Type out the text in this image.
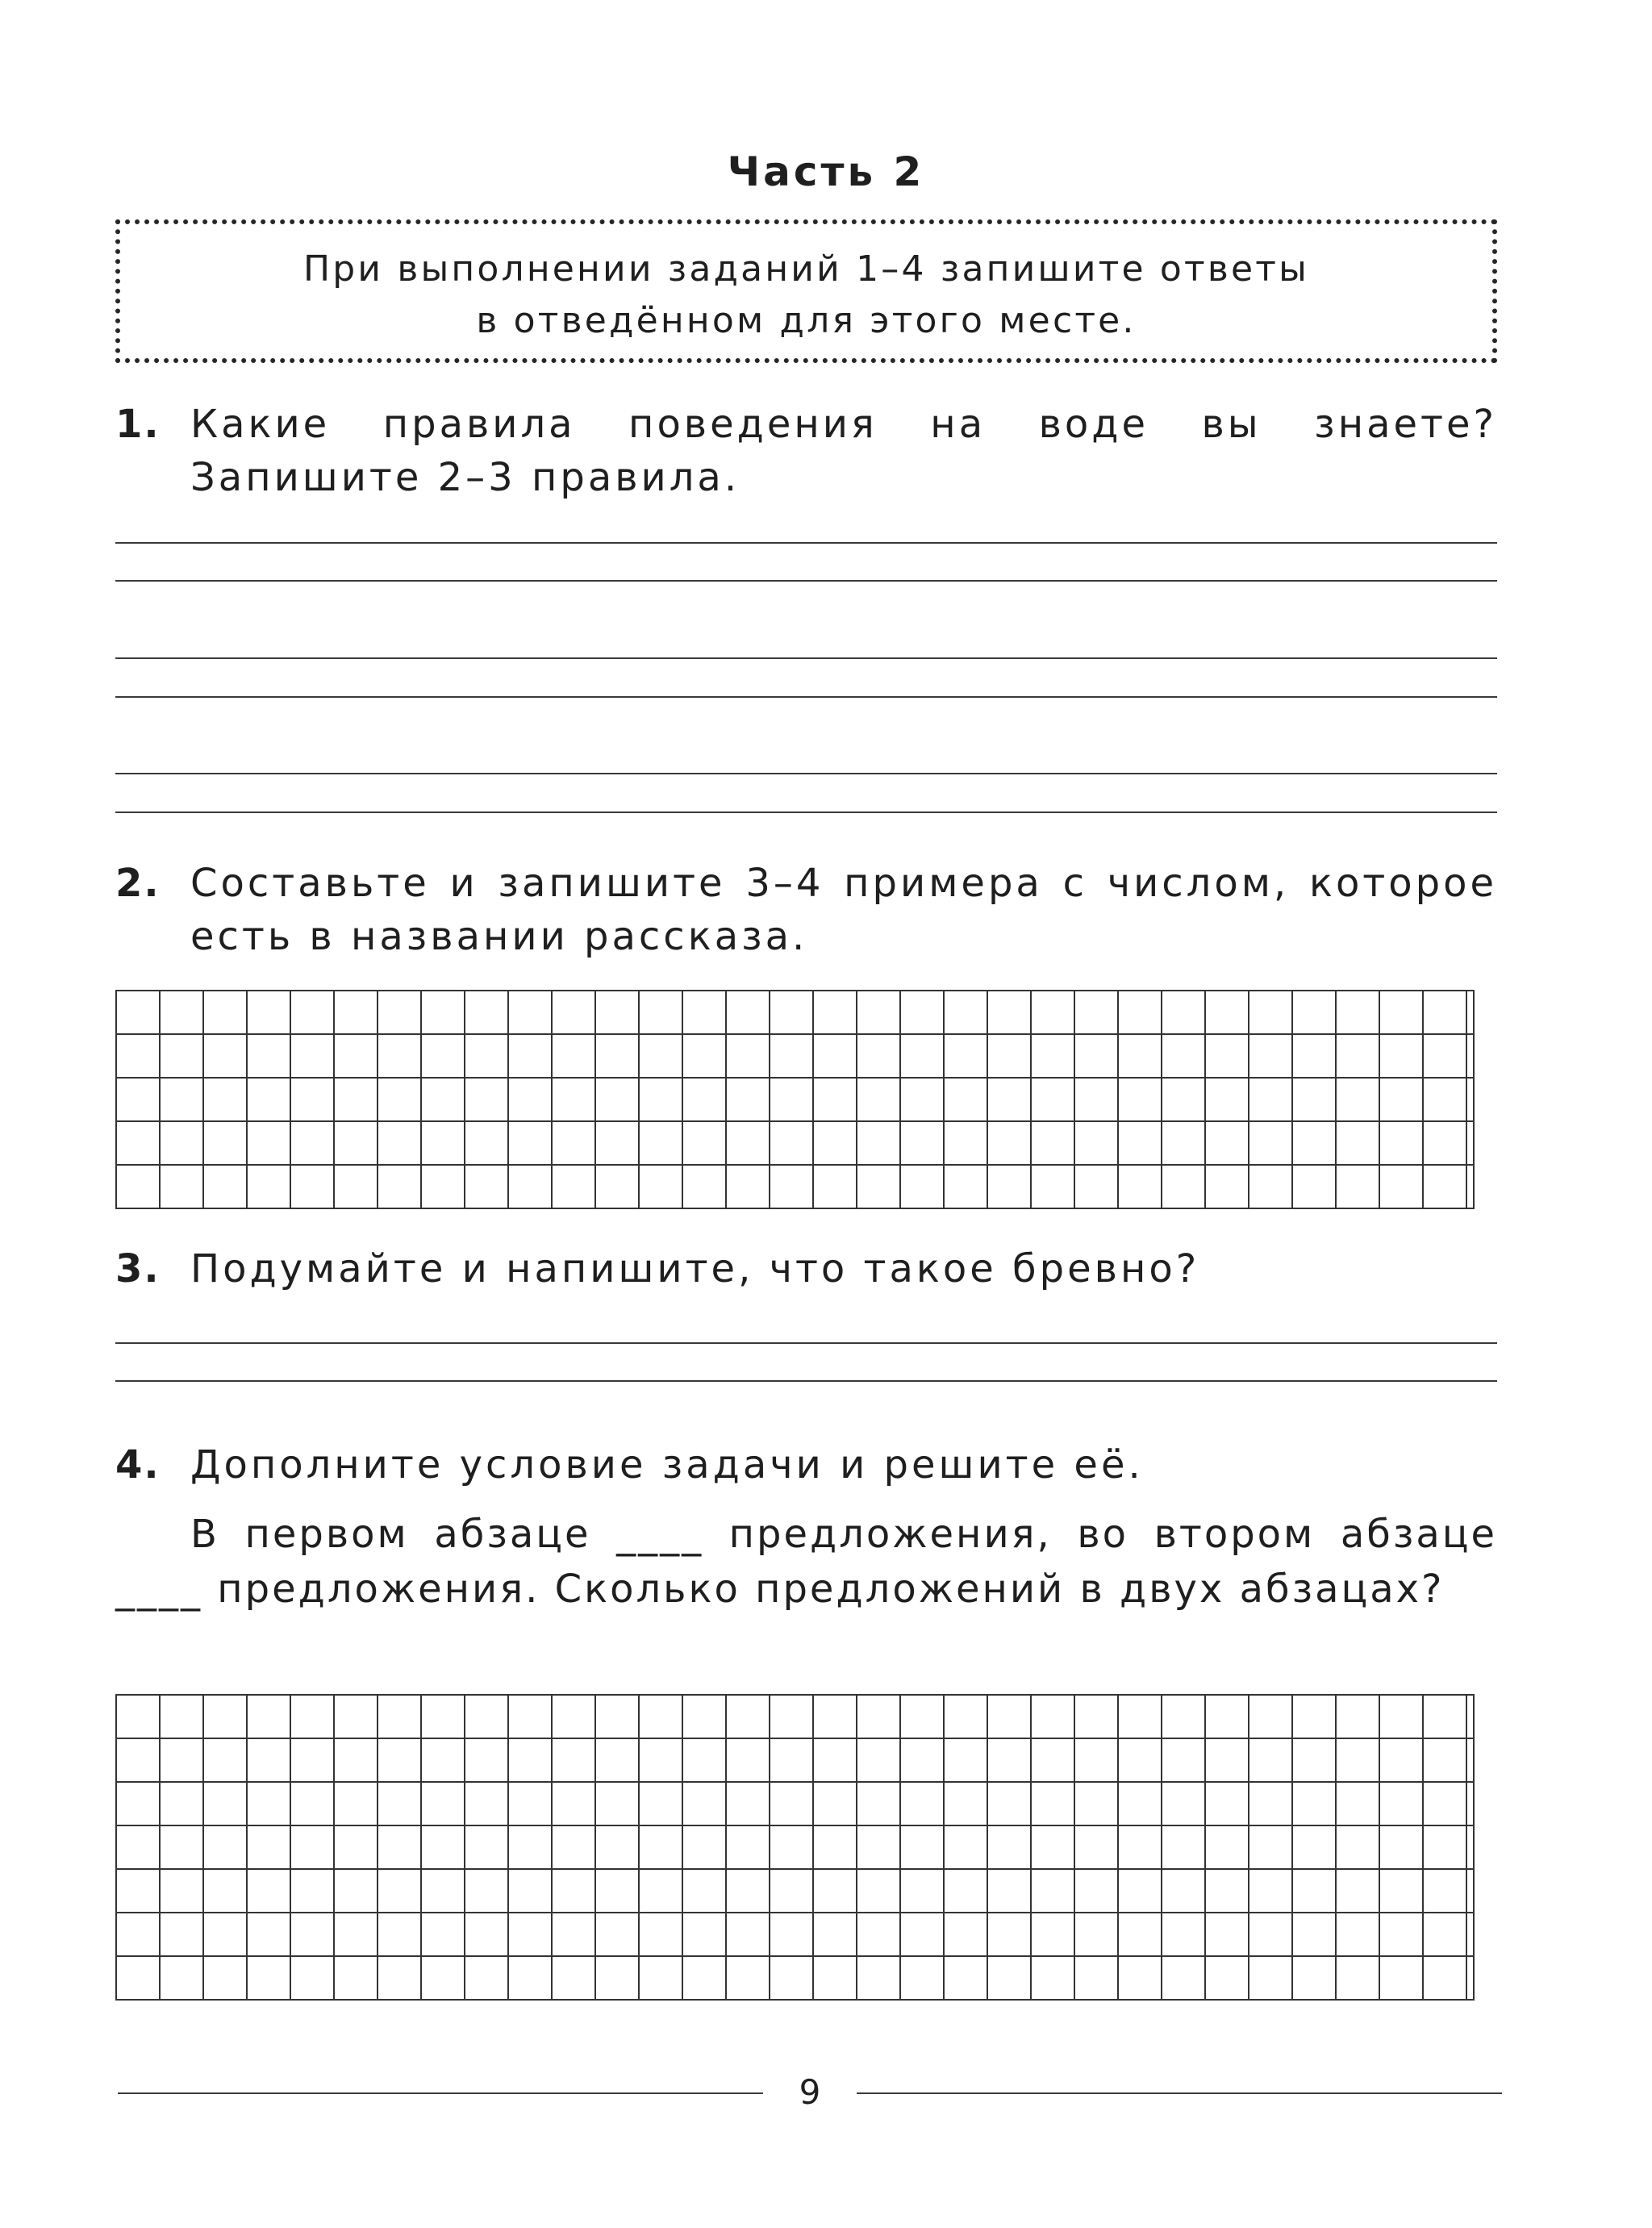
Часть 2
При выполнении заданий 1–4 запишите ответы
в отведённом для этого месте.
1. Какие правила поведения на воде вы знаете? Запишите 2–3 правила.
2. Составьте и запишите 3–4 примера с числом, которое есть в названии рассказа.
3. Подумайте и напишите, что такое бревно?
4. Дополните условие задачи и решите её.
В первом абзаце ____ предложения, во втором абзаце ____ предложения. Сколько предложений в двух абзацах?
9
